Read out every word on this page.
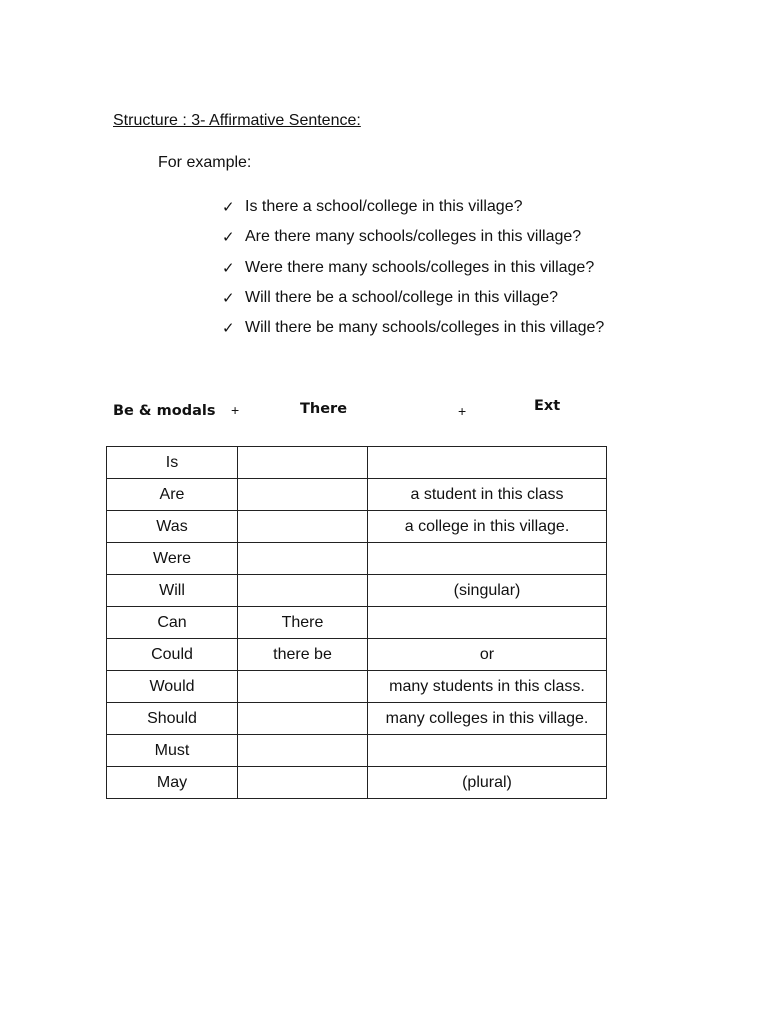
Structure : 3- Affirmative Sentence:
For example:
✓ Is there a school/college in this village?
✓ Are there many schools/colleges in this village?
✓ Were there many schools/colleges in this village?
✓ Will there be a school/college in this village?
✓ Will there be many schools/colleges in this village?
Be & modals +	There	+	Ext
Is		
Are		a student in this class
Was		a college in this village.
Were		
Will		(singular)
Can	There	
Could	there be	or
Would		many students in this class.
Should		many colleges in this village.
Must		
May		(plural)
